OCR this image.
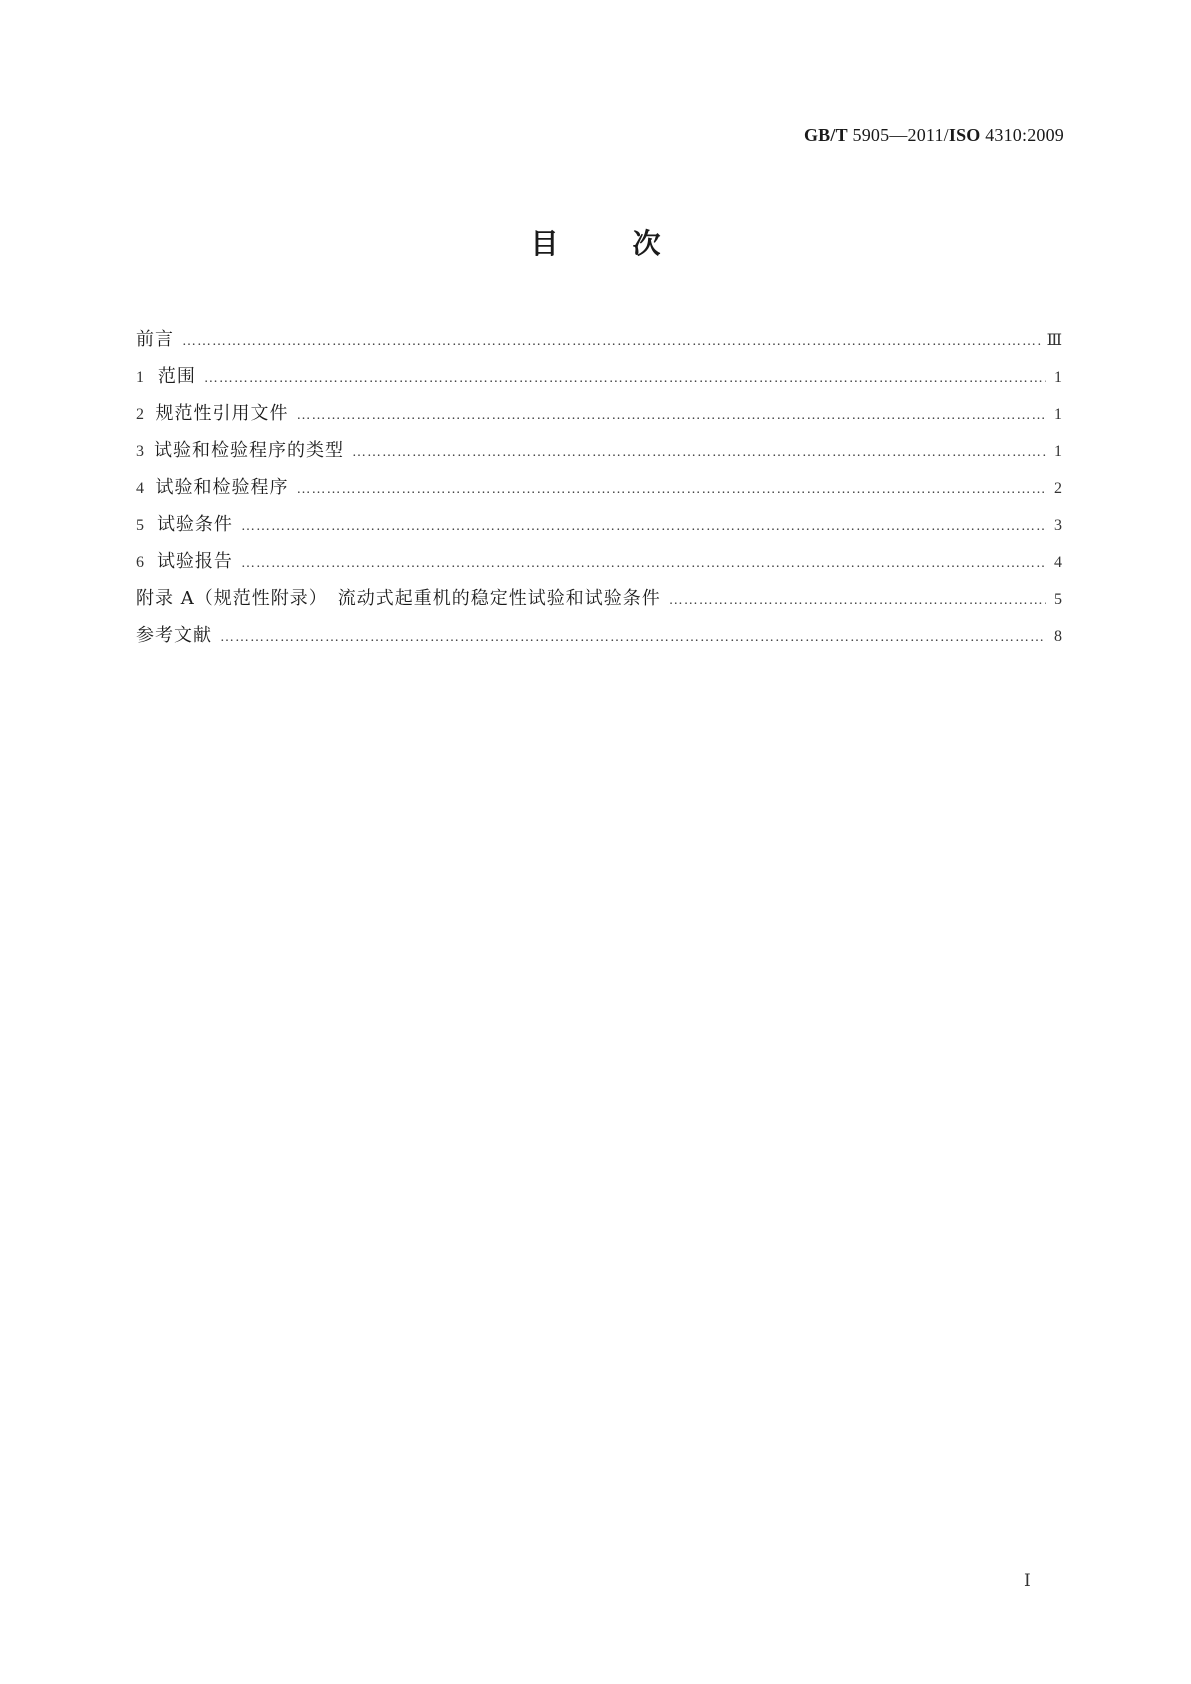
GB/T 5905—2011/ISO 4310:2009
目	次
前言 …………………………………………………………………………………………………………………………………………………………………………………………………………………………	Ⅲ
1 范围 …………………………………………………………………………………………………………………………………………………………………………………………………………………………	1
2 规范性引用文件 …………………………………………………………………………………………………………………………………………………………………………………………………………………………	1
3 试验和检验程序的类型 …………………………………………………………………………………………………………………………………………………………………………………………………………………………	1
4 试验和检验程序 …………………………………………………………………………………………………………………………………………………………………………………………………………………………	2
5 试验条件 …………………………………………………………………………………………………………………………………………………………………………………………………………………………	3
6 试验报告 …………………………………………………………………………………………………………………………………………………………………………………………………………………………	4
附录 A（规范性附录）　流动式起重机的稳定性试验和试验条件 …………………………………………………………………………………………………………………………………………………………………………………………………………………………	5
参考文献 …………………………………………………………………………………………………………………………………………………………………………………………………………………………	8
Ⅰ
